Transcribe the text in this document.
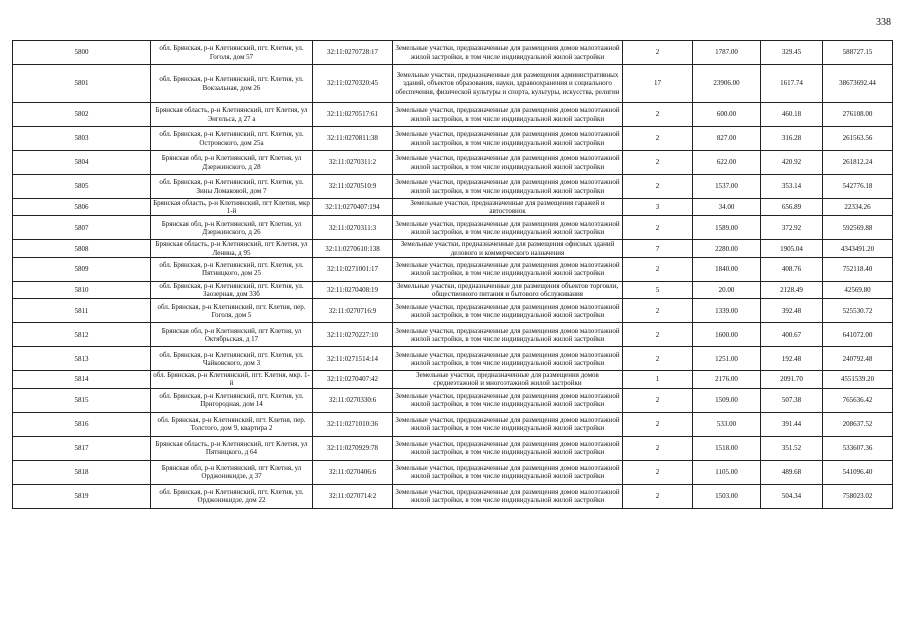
338
5800	обл. Брянская, р-н Клетнянский, пгт. Клетня, ул. Гоголя, дом 57	32:11:0270728:17	Земельные участки, предназначенные для размещения домов малоэтажной жилой застройки, в том числе индивидуальной жилой застройки	2	1787.00	329.45	588727.15
5801	обл. Брянская, р-н Клетнянский, пгт. Клетня, ул. Вокзальная, дом 26	32:11:0270320:45	Земельные участки, предназначенные для размещения административных зданий, объектов образования, науки, здравоохранения и социального обеспечения, физической культуры и спорта, культуры, искусства, религии	17	23906.00	1617.74	38673692.44
5802	Брянская область, р-н Клетнянский, пгт Клетня, ул Энгельса, д 27 а	32:11:0270517:61	Земельные участки, предназначенные для размещения домов малоэтажной жилой застройки, в том числе индивидуальной жилой застройки	2	600.00	460.18	276108.00
5803	обл. Брянская, р-н Клетнянский, пгт. Клетня, ул. Островского, дом 25а	32:11:0270811:38	Земельные участки, предназначенные для размещения домов малоэтажной жилой застройки, в том числе индивидуальной жилой застройки	2	827.00	316.28	261563.56
5804	Брянская обл, р-н Клетнянский, пгт Клетня, ул Дзержинского, д 28	32:11:0270311:2	Земельные участки, предназначенные для размещения домов малоэтажной жилой застройки, в том числе индивидуальной жилой застройки	2	622.00	420.92	261812.24
5805	обл. Брянская, р-н Клетнянский, пгт. Клетня, ул. Зины Ломаковой, дом 7	32:11:0270510:9	Земельные участки, предназначенные для размещения домов малоэтажной жилой застройки, в том числе индивидуальной жилой застройки	2	1537.00	353.14	542776.18
5806	Брянская область, р-н Клетнянский, пгт Клетня, мкр 1-й	32:11:0270407:194	Земельные участки, предназначенные для размещения гаражей и автостоянок	3	34.00	656.89	22334.26
5807	Брянская обл, р-н Клетнянский, пгт Клетня, ул Дзержинского, д 26	32:11:0270311:3	Земельные участки, предназначенные для размещения домов малоэтажной жилой застройки, в том числе индивидуальной жилой застройки	2	1589.00	372.92	592569.88
5808	Брянская область, р-н Клетнянский, пгт Клетня, ул Ленина, д 95	32:11:0270610:138	Земельные участки, предназначенные для размещения офисных зданий делового и коммерческого назначения	7	2280.00	1905.04	4343491.20
5809	обл. Брянская, р-н Клетнянский, пгт. Клетня, ул. Пятницкого, дом 25	32:11:0271001:17	Земельные участки, предназначенные для размещения домов малоэтажной жилой застройки, в том числе индивидуальной жилой застройки	2	1840.00	408.76	752118.40
5810	обл. Брянская, р-н Клетнянский, пгт. Клетня, ул. Заозерная, дом 33б	32:11:0270408:19	Земельные участки, предназначенные для размещения объектов торговли, общественного питания и бытового обслуживания	5	20.00	2128.49	42569.80
5811	обл. Брянская, р-н Клетнянский, пгт. Клетня, пер. Гоголя, дом 5	32:11:0270716:9	Земельные участки, предназначенные для размещения домов малоэтажной жилой застройки, в том числе индивидуальной жилой застройки	2	1339.00	392.48	525530.72
5812	Брянская обл, р-н Клетнянский, пгт Клетня, ул Октябрьская, д 17	32:11:0270227:10	Земельные участки, предназначенные для размещения домов малоэтажной жилой застройки, в том числе индивидуальной жилой застройки	2	1600.00	400.67	641072.00
5813	обл. Брянская, р-н Клетнянский, пгт. Клетня, ул. Чайковского, дом 3	32:11:0271514:14	Земельные участки, предназначенные для размещения домов малоэтажной жилой застройки, в том числе индивидуальной жилой застройки	2	1251.00	192.48	240792.48
5814	обл. Брянская, р-н Клетнянский, пгт. Клетня, мкр. 1-й	32:11:0270407:42	Земельные участки, предназначенные для размещения домов среднеэтажной и многоэтажной жилой застройки	1	2176.00	2091.70	4551539.20
5815	обл. Брянская, р-н Клетнянский, пгт. Клетня, ул. Пригородная, дом 14	32:11:0270330:6	Земельные участки, предназначенные для размещения домов малоэтажной жилой застройки, в том числе индивидуальной жилой застройки	2	1509.00	507.38	765636.42
5816	обл. Брянская, р-н Клетнянский, пгт. Клетня, пер. Толстого, дом 9, квартира 2	32:11:0271010:36	Земельные участки, предназначенные для размещения домов малоэтажной жилой застройки, в том числе индивидуальной жилой застройки	2	533.00	391.44	208637.52
5817	Брянская область, р-н Клетнянский, пгт Клетня, ул Пятницкого, д 64	32:11:0270929:78	Земельные участки, предназначенные для размещения домов малоэтажной жилой застройки, в том числе индивидуальной жилой застройки	2	1518.00	351.52	533607.36
5818	Брянская обл, р-н Клетнянский, пгт Клетня, ул Орджоникидзе, д 37	32:11:0270406:6	Земельные участки, предназначенные для размещения домов малоэтажной жилой застройки, в том числе индивидуальной жилой застройки	2	1105.00	489.68	541096.40
5819	обл. Брянская, р-н Клетнянский, пгт. Клетня, ул. Орджоникидзе, дом 22	32:11:0270714:2	Земельные участки, предназначенные для размещения домов малоэтажной жилой застройки, в том числе индивидуальной жилой застройки	2	1503.00	504.34	758023.02
